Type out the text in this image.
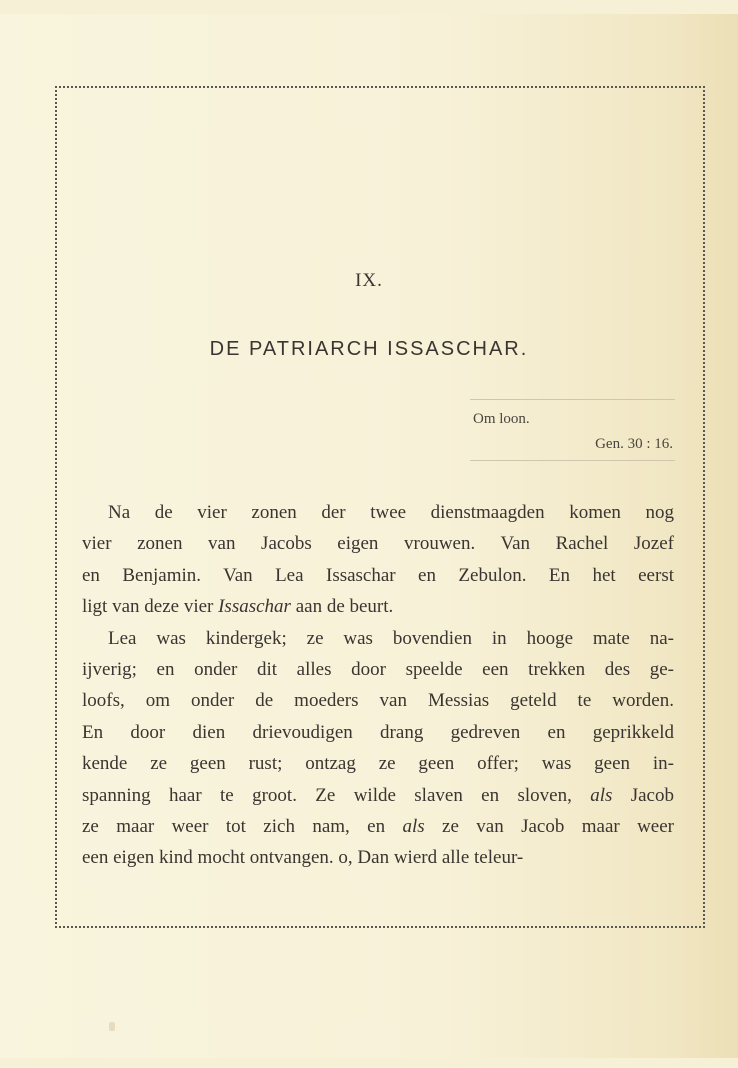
IX.
DE PATRIARCH ISSASCHAR.
Om loon.
Gen. 30 : 16.

Na de vier zonen der twee dienstmaagden komen nog
vier zonen van Jacobs eigen vrouwen. Van Rachel Jozef
en Benjamin. Van Lea Issaschar en Zebulon. En het eerst
ligt van deze vier Issaschar aan de beurt.

Lea was kindergek; ze was bovendien in hooge mate na-
ijverig; en onder dit alles door speelde een trekken des ge-
loofs, om onder de moeders van Messias geteld te worden.
En door dien drievoudigen drang gedreven en geprikkeld
kende ze geen rust; ontzag ze geen offer; was geen in-
spanning haar te groot. Ze wilde slaven en sloven, als Jacob
ze maar weer tot zich nam, en als ze van Jacob maar weer
een eigen kind mocht ontvangen. o, Dan wierd alle teleur-
